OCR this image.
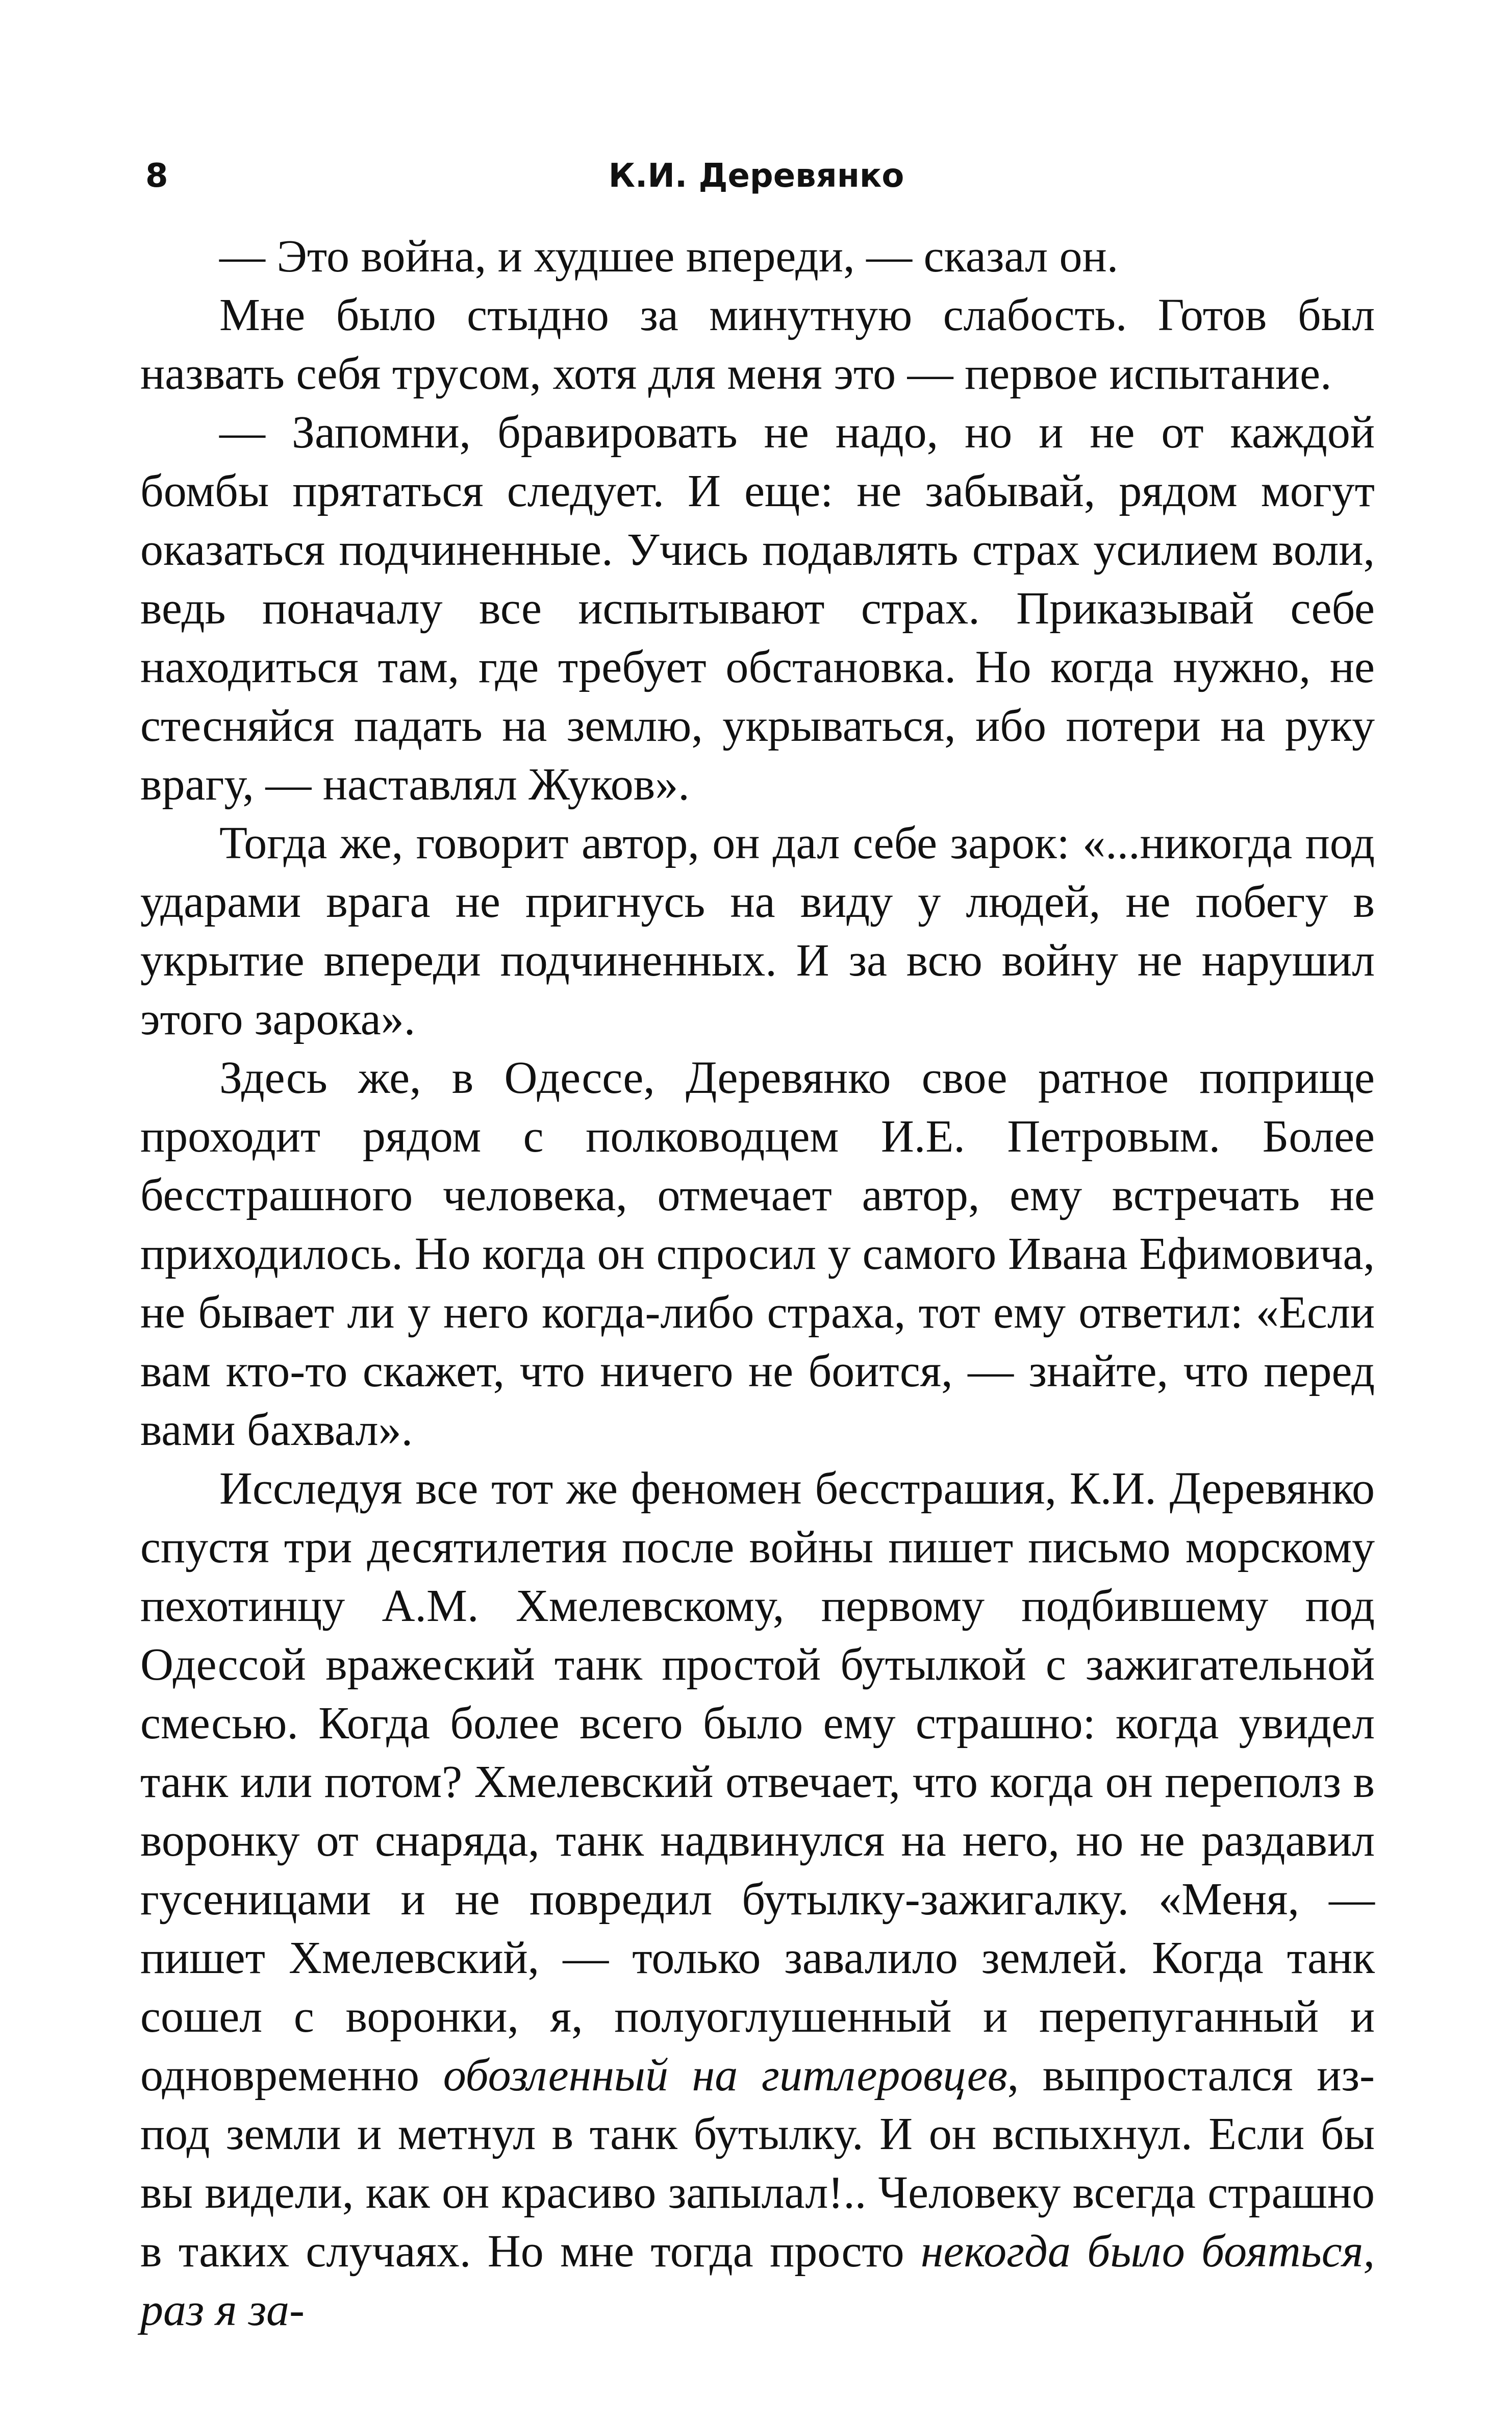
8	К.И. Деревянко

— Это война, и худшее впереди, — сказал он.

Мне было стыдно за минутную слабость. Готов был назвать себя трусом, хотя для меня это — первое испытание.

— Запомни, бравировать не надо, но и не от каждой бомбы прятаться следует. И еще: не забывай, рядом могут оказаться подчиненные. Учись подавлять страх усилием воли, ведь поначалу все испытывают страх. Приказывай себе находиться там, где требует обстановка. Но когда нужно, не стесняйся падать на землю, укрываться, ибо потери на руку врагу, — наставлял Жуков».

Тогда же, говорит автор, он дал себе зарок: «...никогда под ударами врага не пригнусь на виду у людей, не побегу в укрытие впереди подчиненных. И за всю войну не нарушил этого зарока».

Здесь же, в Одессе, Деревянко свое ратное поприще проходит рядом с полководцем И.Е. Петровым. Более бесстрашного человека, отмечает автор, ему встречать не приходилось. Но когда он спросил у самого Ивана Ефимовича, не бывает ли у него когда-либо страха, тот ему ответил: «Если вам кто-то скажет, что ничего не боится, — знайте, что перед вами бахвал».

Исследуя все тот же феномен бесстрашия, К.И. Деревянко спустя три десятилетия после войны пишет письмо морскому пехотинцу А.М. Хмелевскому, первому подбившему под Одессой вражеский танк простой бутылкой с зажигательной смесью. Когда более всего было ему страшно: когда увидел танк или потом? Хмелевский отвечает, что когда он переполз в воронку от снаряда, танк надвинулся на него, но не раздавил гусеницами и не повредил бутылку-зажигалку. «Меня, — пишет Хмелевский, — только завалило землей. Когда танк сошел с воронки, я, полуоглушенный и перепуганный и одновременно обозленный на гитлеровцев, выпростался из-под земли и метнул в танк бутылку. И он вспыхнул. Если бы вы видели, как он красиво запылал!.. Человеку всегда страшно в таких случаях. Но мне тогда просто некогда было бояться, раз я за-
